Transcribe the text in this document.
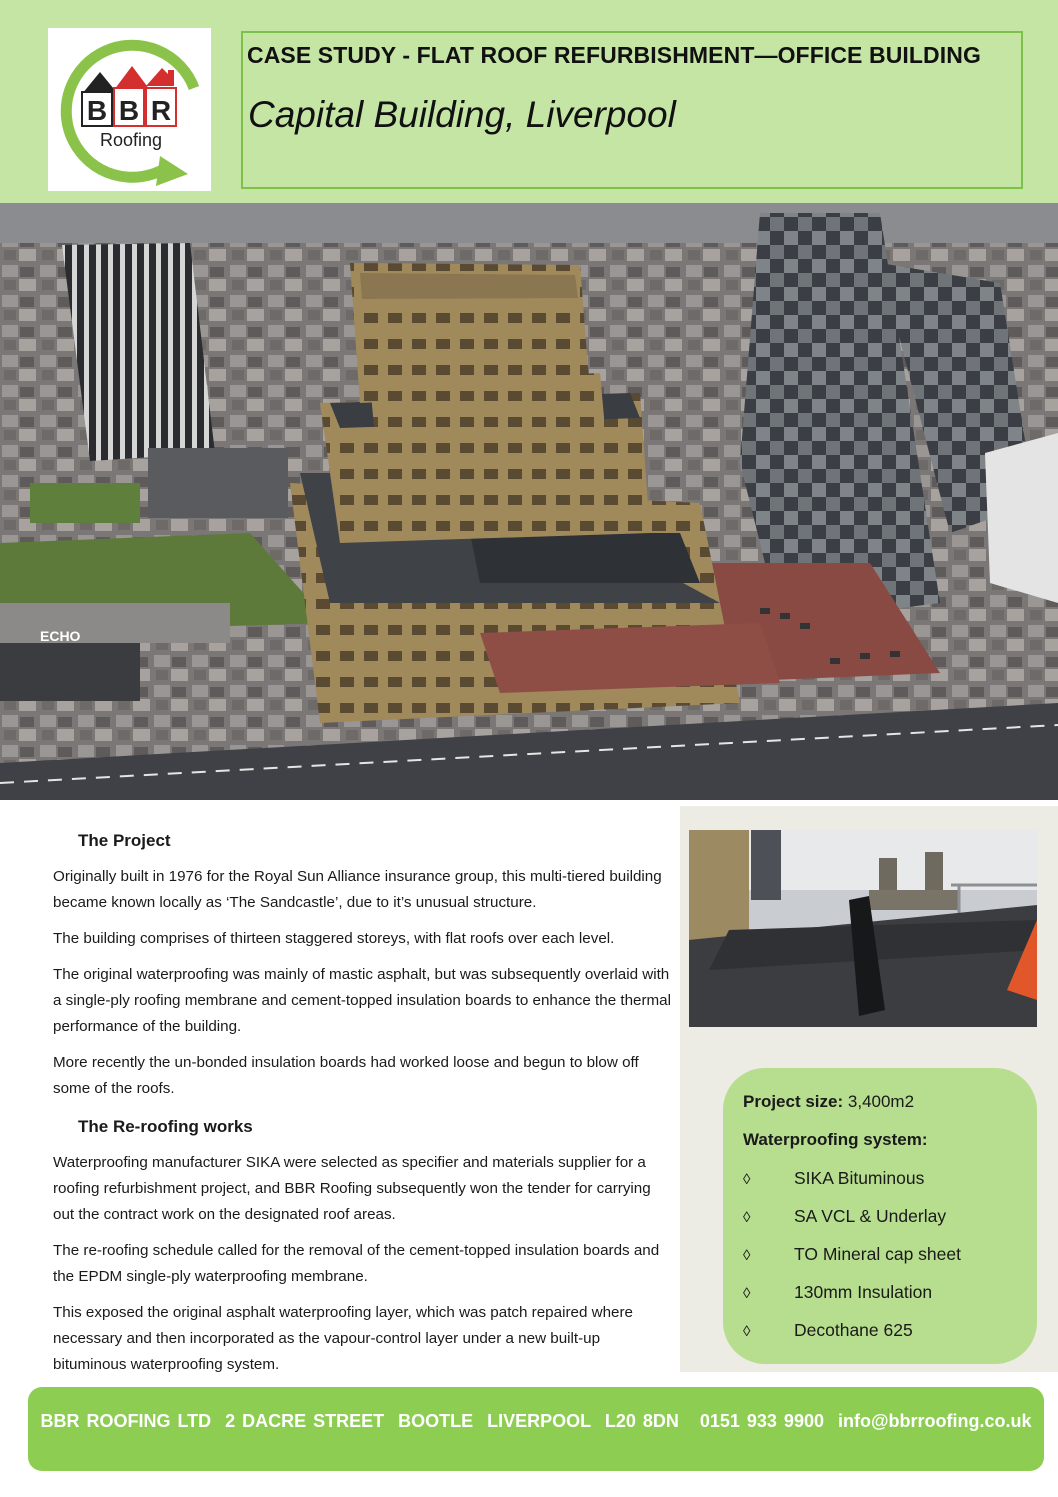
B B R
Roofing
CASE STUDY - FLAT ROOF REFURBISHMENT—OFFICE BUILDING
Capital Building, Liverpool
ECHO
The Project

Originally built in 1976 for the Royal Sun Alliance insurance group, this multi-tiered building became known locally as ‘The Sandcastle’, due to it’s unusual structure.

The building comprises of thirteen staggered storeys, with flat roofs over each level.

The original waterproofing was mainly of mastic asphalt, but was subsequently overlaid with a single-ply roofing membrane and cement-topped insulation boards to enhance the thermal performance of the building.

More recently the un-bonded insulation boards had worked loose and begun to blow off some of the roofs.

The Re-roofing works

Waterproofing manufacturer SIKA were selected as specifier and materials supplier for a roofing refurbishment project, and BBR Roofing subsequently won the tender for carrying out the contract work on the designated roof areas.

The re-roofing schedule called for the removal of the cement-topped insulation boards and the EPDM single-ply waterproofing membrane.

This exposed the original asphalt waterproofing layer, which was patch repaired where necessary and then incorporated as the vapour-control layer under a new built-up bituminous waterproofing system.

Project size: 3,400m2
Waterproofing system:
◊ SIKA Bituminous
◊ SA VCL & Underlay
◊ TO Mineral cap sheet
◊ 130mm Insulation
◊ Decothane 625
BBR ROOFING LTD  2 DACRE STREET  BOOTLE  LIVERPOOL  L20 8DN   0151 933 9900  info@bbrroofing.co.uk
